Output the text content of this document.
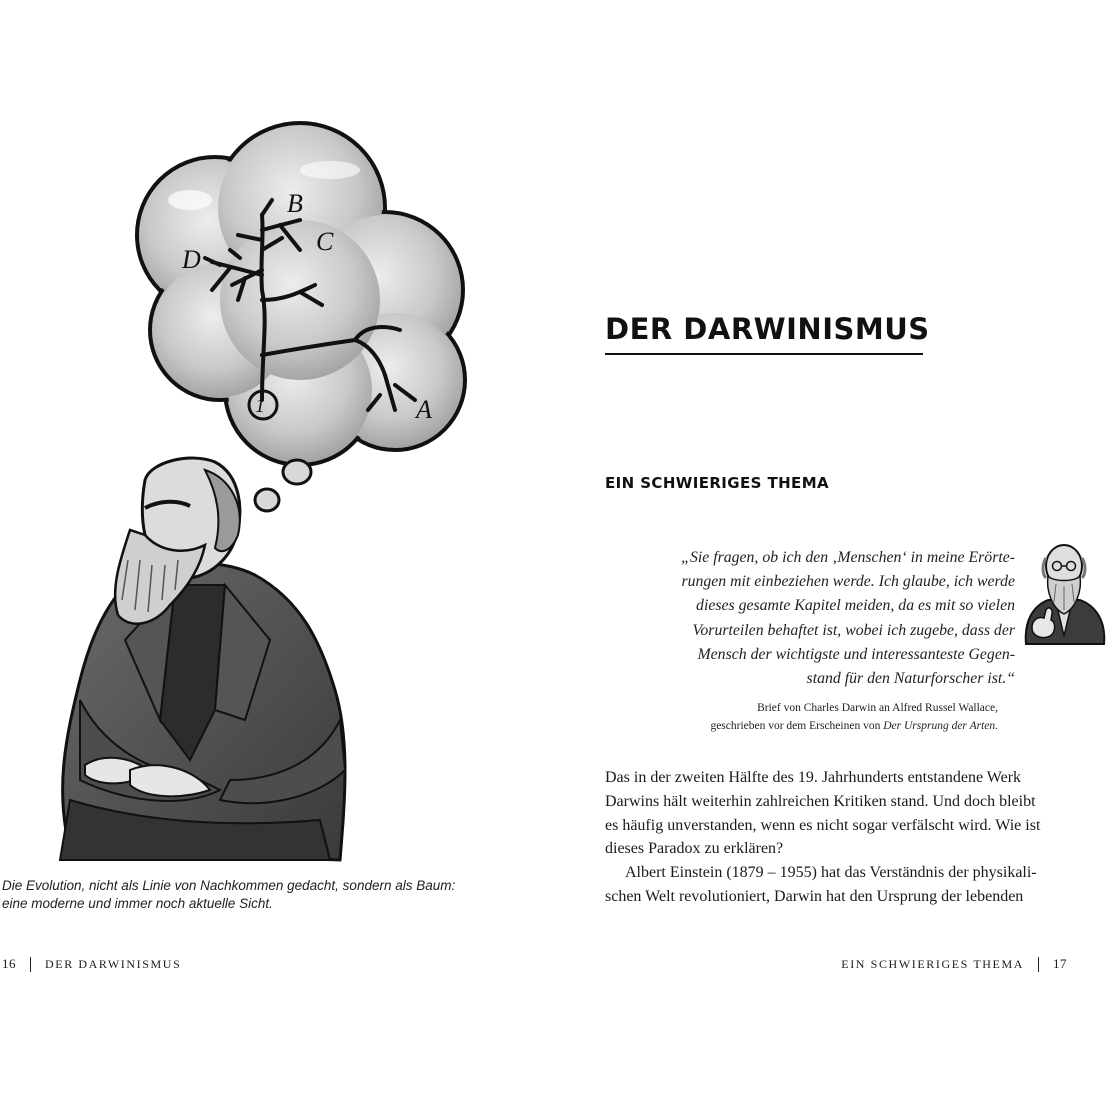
D
B
C
A
1
Die Evolution, nicht als Linie von Nachkommen gedacht, sondern als Baum:
eine moderne und immer noch aktuelle Sicht.
16 DER DARWINISMUS
DER DARWINISMUS
EIN SCHWIERIGES THEMA

„Sie fragen, ob ich den ‚Menschen‘ in meine Erörte-
rungen mit einbeziehen werde. Ich glaube, ich werde
dieses gesamte Kapitel meiden, da es mit so vielen
Vorurteilen behaftet ist, wobei ich zugebe, dass der
Mensch der wichtigste und interessanteste Gegen-
stand für den Naturforscher ist.“

Brief von Charles Darwin an Alfred Russel Wallace,
geschrieben vor dem Erscheinen von Der Ursprung der Arten.

Das in der zweiten Hälfte des 19. Jahrhunderts entstandene Werk
Darwins hält weiterhin zahlreichen Kritiken stand. Und doch bleibt
es häufig unverstanden, wenn es nicht sogar verfälscht wird. Wie ist
dieses Paradox zu erklären?
Albert Einstein (1879 – 1955) hat das Verständnis der physikali-
schen Welt revolutioniert, Darwin hat den Ursprung der lebenden

EIN SCHWIERIGES THEMA 17
